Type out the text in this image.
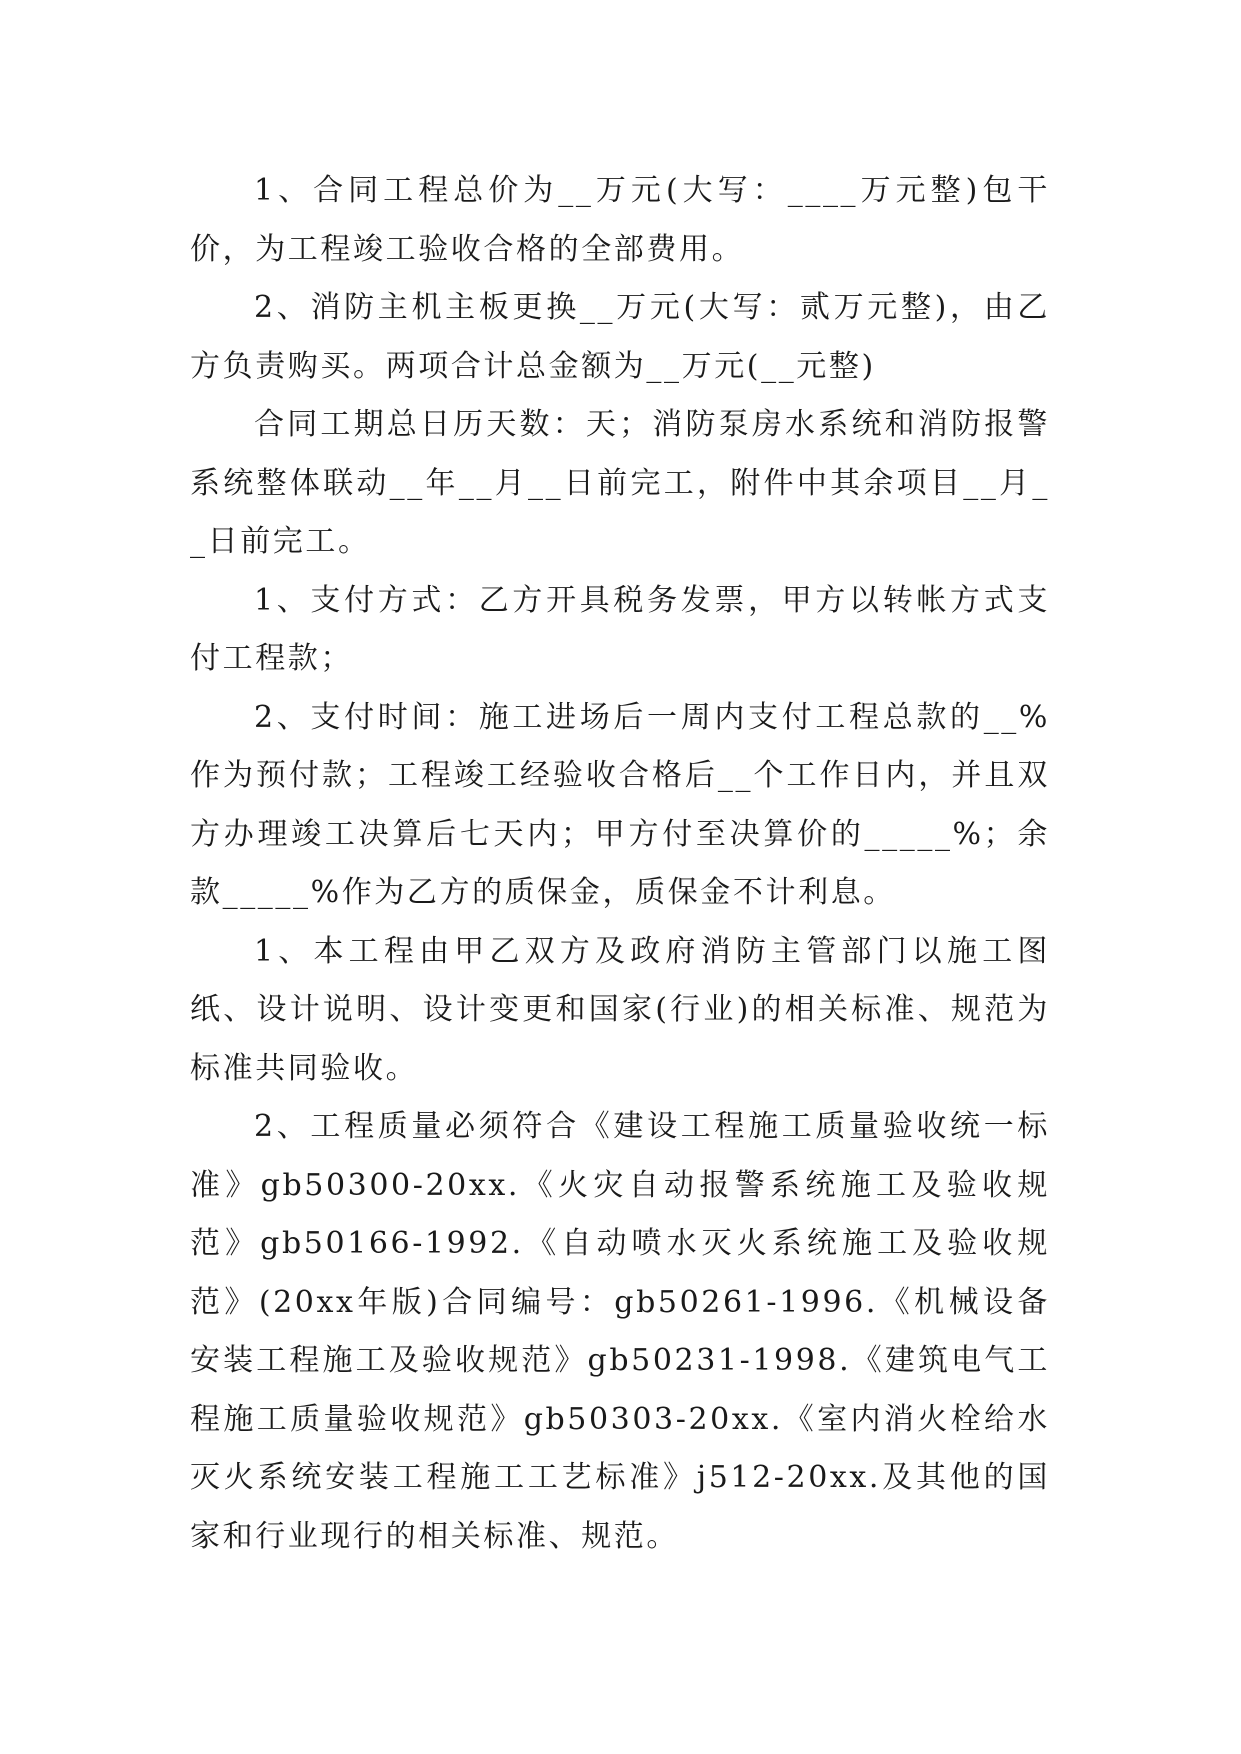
1、合同工程总价为__万元(大写：____万元整)包干价，为工程竣工验收合格的全部费用。

2、消防主机主板更换__万元(大写：贰万元整)，由乙方负责购买。两项合计总金额为__万元(__元整)

合同工期总日历天数：天；消防泵房水系统和消防报警系统整体联动__年__月__日前完工，附件中其余项目__月__日前完工。

1、支付方式：乙方开具税务发票，甲方以转帐方式支付工程款；

2、支付时间：施工进场后一周内支付工程总款的__%作为预付款；工程竣工经验收合格后__个工作日内，并且双方办理竣工决算后七天内；甲方付至决算价的_____%；余款_____%作为乙方的质保金，质保金不计利息。

1、本工程由甲乙双方及政府消防主管部门以施工图纸、设计说明、设计变更和国家(行业)的相关标准、规范为标准共同验收。

2、工程质量必须符合《建设工程施工质量验收统一标准》gb50300-20xx.《火灾自动报警系统施工及验收规范》gb50166-1992.《自动喷水灭火系统施工及验收规范》(20xx年版)合同编号：gb50261-1996.《机械设备安装工程施工及验收规范》gb50231-1998.《建筑电气工程施工质量验收规范》gb50303-20xx.《室内消火栓给水灭火系统安装工程施工工艺标准》j512-20xx.及其他的国家和行业现行的相关标准、规范。
